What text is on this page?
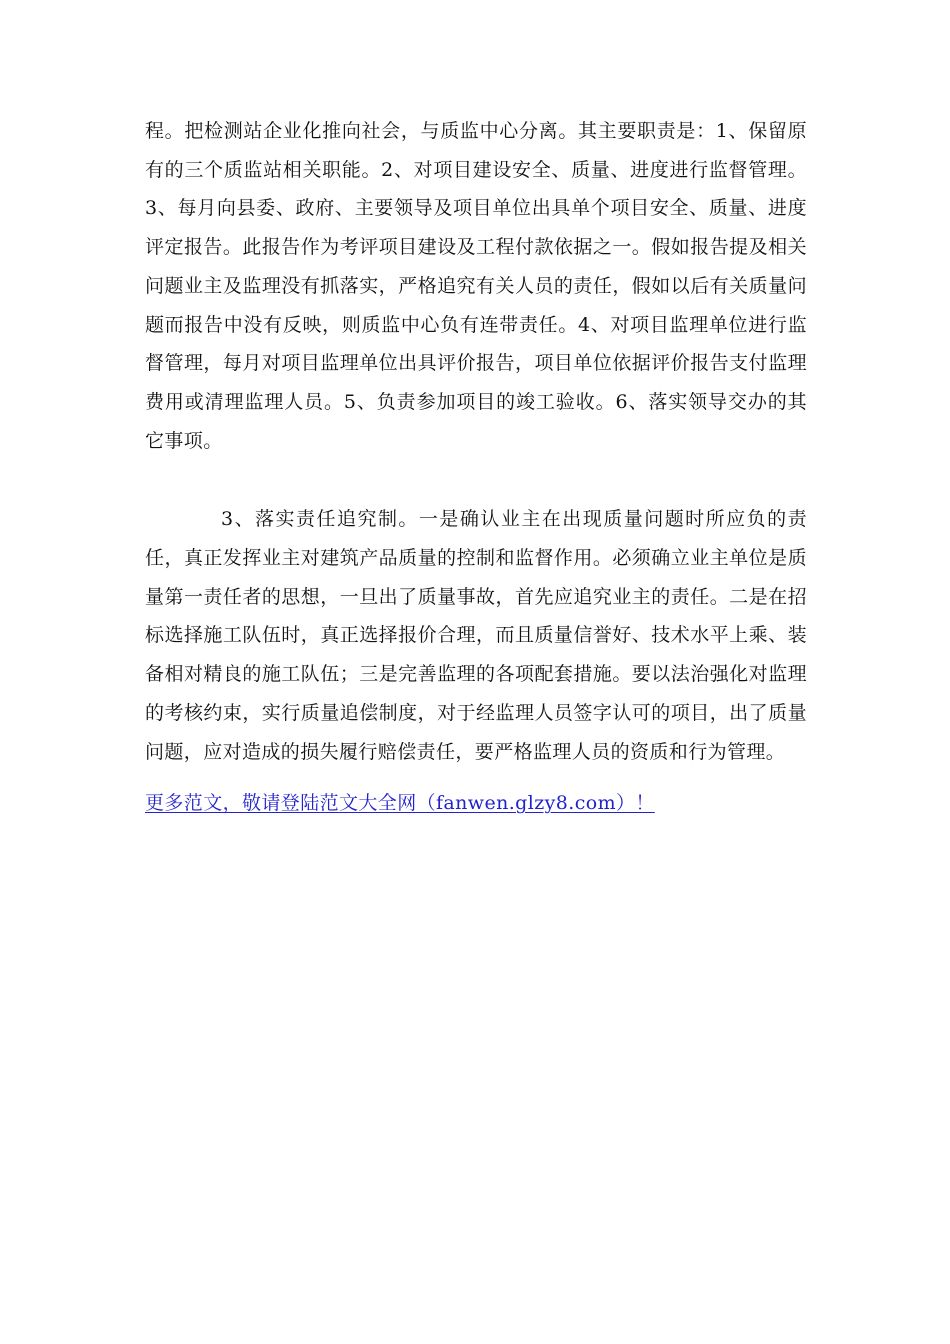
程。把检测站企业化推向社会，与质监中心分离。其主要职责是：1、保留原有的三个质监站相关职能。2、对项目建设安全、质量、进度进行监督管理。3、每月向县委、政府、主要领导及项目单位出具单个项目安全、质量、进度评定报告。此报告作为考评项目建设及工程付款依据之一。假如报告提及相关问题业主及监理没有抓落实，严格追究有关人员的责任，假如以后有关质量问题而报告中没有反映，则质监中心负有连带责任。4、对项目监理单位进行监督管理，每月对项目监理单位出具评价报告，项目单位依据评价报告支付监理费用或清理监理人员。5、负责参加项目的竣工验收。6、落实领导交办的其它事项。

3、落实责任追究制。一是确认业主在出现质量问题时所应负的责任，真正发挥业主对建筑产品质量的控制和监督作用。必须确立业主单位是质量第一责任者的思想，一旦出了质量事故，首先应追究业主的责任。二是在招标选择施工队伍时，真正选择报价合理，而且质量信誉好、技术水平上乘、装备相对精良的施工队伍；三是完善监理的各项配套措施。要以法治强化对监理的考核约束，实行质量追偿制度，对于经监理人员签字认可的项目，出了质量问题，应对造成的损失履行赔偿责任，要严格监理人员的资质和行为管理。

更多范文，敬请登陆范文大全网（fanwen.glzy8.com）！
